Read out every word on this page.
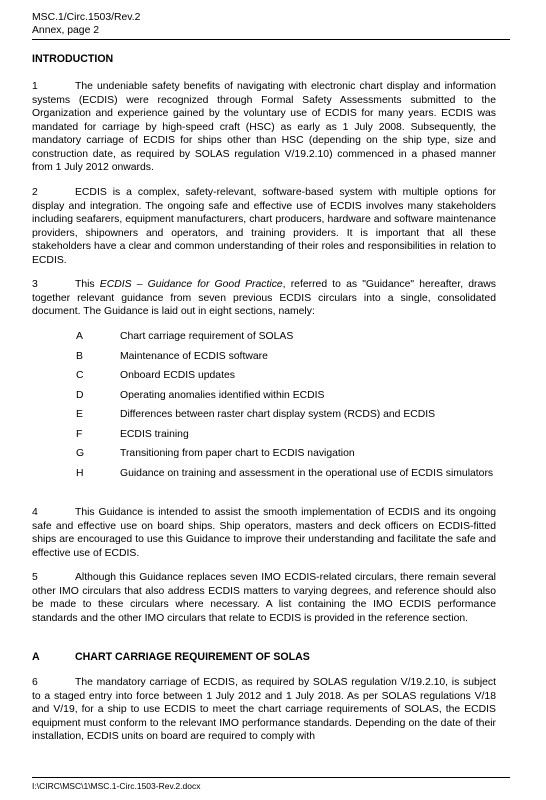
MSC.1/Circ.1503/Rev.2
Annex, page 2
INTRODUCTION

1	The undeniable safety benefits of navigating with electronic chart display and information systems (ECDIS) were recognized through Formal Safety Assessments submitted to the Organization and experience gained by the voluntary use of ECDIS for many years. ECDIS was mandated for carriage by high-speed craft (HSC) as early as 1 July 2008. Subsequently, the mandatory carriage of ECDIS for ships other than HSC (depending on the ship type, size and construction date, as required by SOLAS regulation V/19.2.10) commenced in a phased manner from 1 July 2012 onwards.

2	ECDIS is a complex, safety-relevant, software-based system with multiple options for display and integration. The ongoing safe and effective use of ECDIS involves many stakeholders including seafarers, equipment manufacturers, chart producers, hardware and software maintenance providers, shipowners and operators, and training providers. It is important that all these stakeholders have a clear and common understanding of their roles and responsibilities in relation to ECDIS.

3	This ECDIS – Guidance for Good Practice, referred to as "Guidance" hereafter, draws together relevant guidance from seven previous ECDIS circulars into a single, consolidated document. The Guidance is laid out in eight sections, namely:

A	Chart carriage requirement of SOLAS
B	Maintenance of ECDIS software
C	Onboard ECDIS updates
D	Operating anomalies identified within ECDIS
E	Differences between raster chart display system (RCDS) and ECDIS
F	ECDIS training
G	Transitioning from paper chart to ECDIS navigation
H	Guidance on training and assessment in the operational use of ECDIS simulators

4	This Guidance is intended to assist the smooth implementation of ECDIS and its ongoing safe and effective use on board ships. Ship operators, masters and deck officers on ECDIS-fitted ships are encouraged to use this Guidance to improve their understanding and facilitate the safe and effective use of ECDIS.

5	Although this Guidance replaces seven IMO ECDIS-related circulars, there remain several other IMO circulars that also address ECDIS matters to varying degrees, and reference should also be made to these circulars where necessary. A list containing the IMO ECDIS performance standards and the other IMO circulars that relate to ECDIS is provided in the reference section.

A	CHART CARRIAGE REQUIREMENT OF SOLAS

6	The mandatory carriage of ECDIS, as required by SOLAS regulation V/19.2.10, is subject to a staged entry into force between 1 July 2012 and 1 July 2018. As per SOLAS regulations V/18 and V/19, for a ship to use ECDIS to meet the chart carriage requirements of SOLAS, the ECDIS equipment must conform to the relevant IMO performance standards. Depending on the date of their installation, ECDIS units on board are required to comply with

I:\CIRC\MSC\1\MSC.1-Circ.1503-Rev.2.docx
